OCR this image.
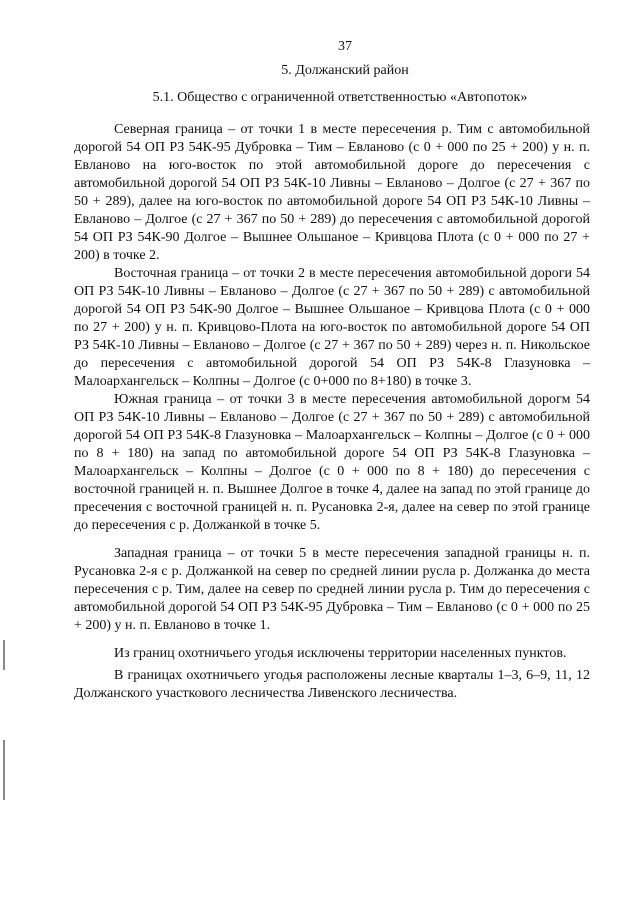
37

5. Должанский район

5.1. Общество с ограниченной ответственностью «Автопоток»

Северная граница – от точки 1 в месте пересечения р. Тим с автомобильной дорогой 54 ОП РЗ 54К-95 Дубровка – Тим – Евланово (с 0 + 000 по 25 + 200) у н. п. Евланово на юго-восток по этой автомобильной дороге до пересечения с автомобильной дорогой 54 ОП РЗ 54К-10 Ливны – Евланово – Долгое (с 27 + 367 по 50 + 289), далее на юго-восток по автомобильной дороге 54 ОП РЗ 54К-10 Ливны – Евланово – Долгое (с 27 + 367 по 50 + 289) до пересечения с автомобильной дорогой 54 ОП РЗ 54К-90 Долгое – Вышнее Ольшаное – Кривцова Плота (с 0 + 000 по 27 + 200) в точке 2.

Восточная граница – от точки 2 в месте пересечения автомобильной дороги 54 ОП РЗ 54К-10 Ливны – Евланово – Долгое (с 27 + 367 по 50 + 289) с автомобильной дорогой 54 ОП РЗ 54К-90 Долгое – Вышнее Ольшаное – Кривцова Плота (с 0 + 000 по 27 + 200) у н. п. Кривцово-Плота на юго-восток по автомобильной дороге 54 ОП РЗ 54К-10 Ливны – Евланово – Долгое (с 27 + 367 по 50 + 289) через н. п. Никольское до пересечения с автомобильной дорогой 54 ОП РЗ 54К-8 Глазуновка – Малоархангельск – Колпны – Долгое (с 0+000 по 8+180) в точке 3.

Южная граница – от точки 3 в месте пересечения автомобильной дорогм 54 ОП РЗ 54К-10 Ливны – Евланово – Долгое (с 27 + 367 по 50 + 289) с автомобильной дорогой 54 ОП РЗ 54К-8 Глазуновка – Малоархангельск – Колпны – Долгое (с 0 + 000 по 8 + 180) на запад по автомобильной дороге 54 ОП РЗ 54К-8 Глазуновка – Малоархангельск – Колпны – Долгое (с 0 + 000 по 8 + 180) до пересечения с восточной границей н. п. Вышнее Долгое в точке 4, далее на запад по этой границе до пресечения с восточной границей н. п. Русановка 2-я, далее на север по этой границе до пересечения с р. Должанкой в точке 5.

Западная граница – от точки 5 в месте пересечения западной границы н. п. Русановка 2-я с р. Должанкой на север по средней линии русла р. Должанка до места пересечения с р. Тим, далее на север по средней линии русла р. Тим до пересечения с автомобильной дорогой 54 ОП РЗ 54К-95 Дубровка – Тим – Евланово (с 0 + 000 по 25 + 200) у н. п. Евланово в точке 1.

Из границ охотничьего угодья исключены территории населенных пунктов.

В границах охотничьего угодья расположены лесные кварталы 1–3, 6–9, 11, 12 Должанского участкового лесничества Ливенского лесничества.
